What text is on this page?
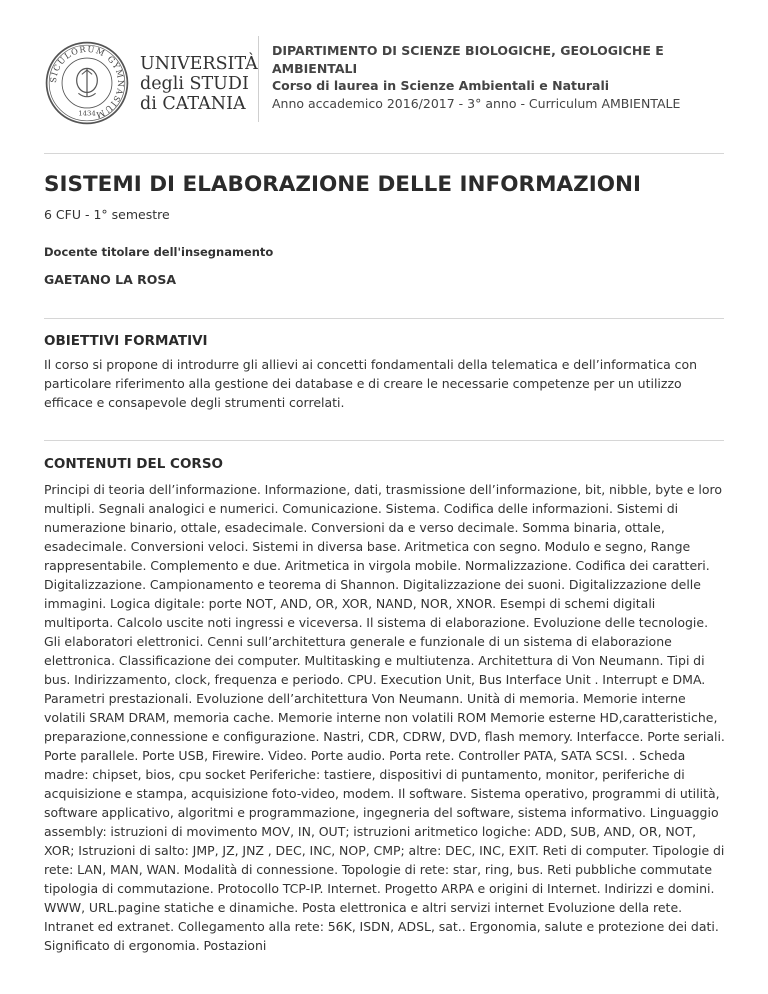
SICULORUM GYMNASIUM
1434
UNIVERSITÀ
degli STUDI
di CATANIA
DIPARTIMENTO DI SCIENZE BIOLOGICHE, GEOLOGICHE E AMBIENTALI
Corso di laurea in Scienze Ambientali e Naturali
Anno accademico 2016/2017 - 3° anno - Curriculum AMBIENTALE
SISTEMI DI ELABORAZIONE DELLE INFORMAZIONI
6 CFU - 1° semestre
Docente titolare dell'insegnamento
GAETANO LA ROSA
OBIETTIVI FORMATIVI

Il corso si propone di introdurre gli allievi ai concetti fondamentali della telematica e dell’informatica con particolare riferimento alla gestione dei database e di creare le necessarie competenze per un utilizzo efficace e consapevole degli strumenti correlati.

CONTENUTI DEL CORSO

Principi di teoria dell’informazione. Informazione, dati, trasmissione dell’informazione, bit, nibble, byte e loro multipli. Segnali analogici e numerici. Comunicazione. Sistema. Codifica delle informazioni. Sistemi di numerazione binario, ottale, esadecimale. Conversioni da e verso decimale. Somma binaria, ottale, esadecimale. Conversioni veloci. Sistemi in diversa base. Aritmetica con segno. Modulo e segno, Range rappresentabile. Complemento e due. Aritmetica in virgola mobile. Normalizzazione. Codifica dei caratteri. Digitalizzazione. Campionamento e teorema di Shannon. Digitalizzazione dei suoni. Digitalizzazione delle immagini. Logica digitale: porte NOT, AND, OR, XOR, NAND, NOR, XNOR. Esempi di schemi digitali multiporta. Calcolo uscite noti ingressi e viceversa. Il sistema di elaborazione. Evoluzione delle tecnologie. Gli elaboratori elettronici. Cenni sull’architettura generale e funzionale di un sistema di elaborazione elettronica. Classificazione dei computer. Multitasking e multiutenza. Architettura di Von Neumann. Tipi di bus. Indirizzamento, clock, frequenza e periodo. CPU. Execution Unit, Bus Interface Unit . Interrupt e DMA. Parametri prestazionali. Evoluzione dell’architettura Von Neumann. Unità di memoria. Memorie interne volatili SRAM DRAM, memoria cache. Memorie interne non volatili ROM Memorie esterne HD,caratteristiche, preparazione,connessione e configurazione. Nastri, CDR, CDRW, DVD, flash memory. Interfacce. Porte seriali. Porte parallele. Porte USB, Firewire. Video. Porte audio. Porta rete. Controller PATA, SATA SCSI. . Scheda madre: chipset, bios, cpu socket Periferiche: tastiere, dispositivi di puntamento, monitor, periferiche di acquisizione e stampa, acquisizione foto-video, modem. Il software. Sistema operativo, programmi di utilità, software applicativo, algoritmi e programmazione, ingegneria del software, sistema informativo. Linguaggio assembly: istruzioni di movimento MOV, IN, OUT; istruzioni aritmetico logiche: ADD, SUB, AND, OR, NOT, XOR; Istruzioni di salto: JMP, JZ, JNZ , DEC, INC, NOP, CMP; altre: DEC, INC, EXIT. Reti di computer. Tipologie di rete: LAN, MAN, WAN. Modalità di connessione. Topologie di rete: star, ring, bus. Reti pubbliche commutate tipologia di commutazione. Protocollo TCP-IP. Internet. Progetto ARPA e origini di Internet. Indirizzi e domini. WWW, URL.pagine statiche e dinamiche. Posta elettronica e altri servizi internet Evoluzione della rete. Intranet ed extranet. Collegamento alla rete: 56K, ISDN, ADSL, sat.. Ergonomia, salute e protezione dei dati. Significato di ergonomia. Postazioni
